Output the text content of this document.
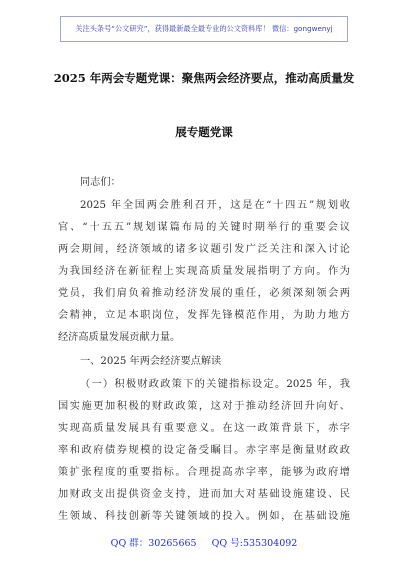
关注头条号“公文研究”，获得最新最全最专业的公文资料库！ 微信：gongwenyj
2025 年两会专题党课：聚焦两会经济要点，推动高质量发
展专题党课
同志们：
2025 年全国两会胜利召开，这是在“十四五”规划收
官、“十五五”规划谋篇布局的关键时期举行的重要会议
两会期间，经济领域的诸多议题引发广泛关注和深入讨论
为我国经济在新征程上实现高质量发展指明了方向。作为
党员，我们肩负着推动经济发展的重任，必须深刻领会两
会精神，立足本职岗位，发挥先锋模范作用，为助力地方
经济高质量发展贡献力量。
一、2025 年两会经济要点解读
（一）积极财政政策下的关键指标设定。2025 年，我
国实施更加积极的财政政策，这对于推动经济回升向好、
实现高质量发展具有重要意义。在这一政策背景下，赤字
率和政府债券规模的设定备受瞩目。赤字率是衡量财政政
策扩张程度的重要指标。合理提高赤字率，能够为政府增
加财政支出提供资金支持，进而加大对基础设施建设、民
生领域、科技创新等关键领域的投入。例如，在基础设施
QQ 群：30265665 QQ 号:535304092
